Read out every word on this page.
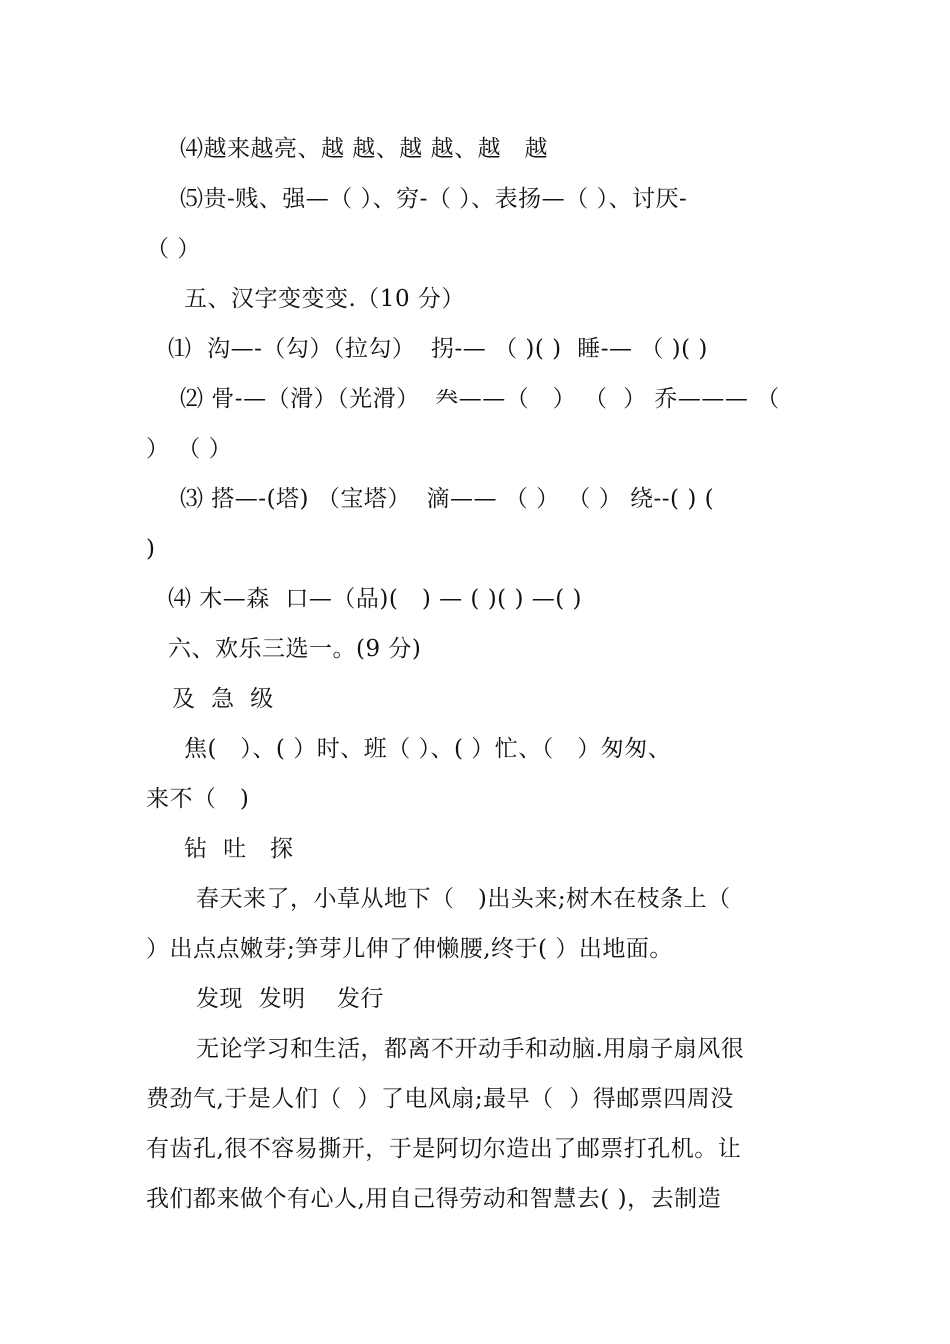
⑷越来越亮、越 越、越 越、越   越
⑸贵-贱、强—（ ）、穷-（ ）、表扬—（ ）、讨厌-
（ ）
五、汉字变变变.（10 分）
⑴  沟—-（勾）（拉勾）  拐-— （ )( )  睡-— （ )( )
⑵ 骨-—（滑）（光滑）  𠔉——（   ） （  ） 乔——— （
） （ ）
⑶ 搭—-(塔) （宝塔）  滴—— （ ） （ ） 绕--( ) (
)
⑷ 木—森  口—（品)(   ) — ( )( ) —( )
六、欢乐三选一。(9 分)
及  急  级
焦(   ）、( ）时、班（ ）、( ）忙、（   ）匆匆、
来不（   )
钻  吐   探
春天来了，小草从地下（   )出头来;树木在枝条上（
）出点点嫩芽;笋芽儿伸了伸懒腰,终于( ）出地面。
发现  发明    发行
无论学习和生活，都离不开动手和动脑.用扇子扇风很
费劲气,于是人们（  ）了电风扇;最早（  ）得邮票四周没
有齿孔,很不容易撕开，于是阿切尔造出了邮票打孔机。让
我们都来做个有心人,用自己得劳动和智慧去( )，去制造
